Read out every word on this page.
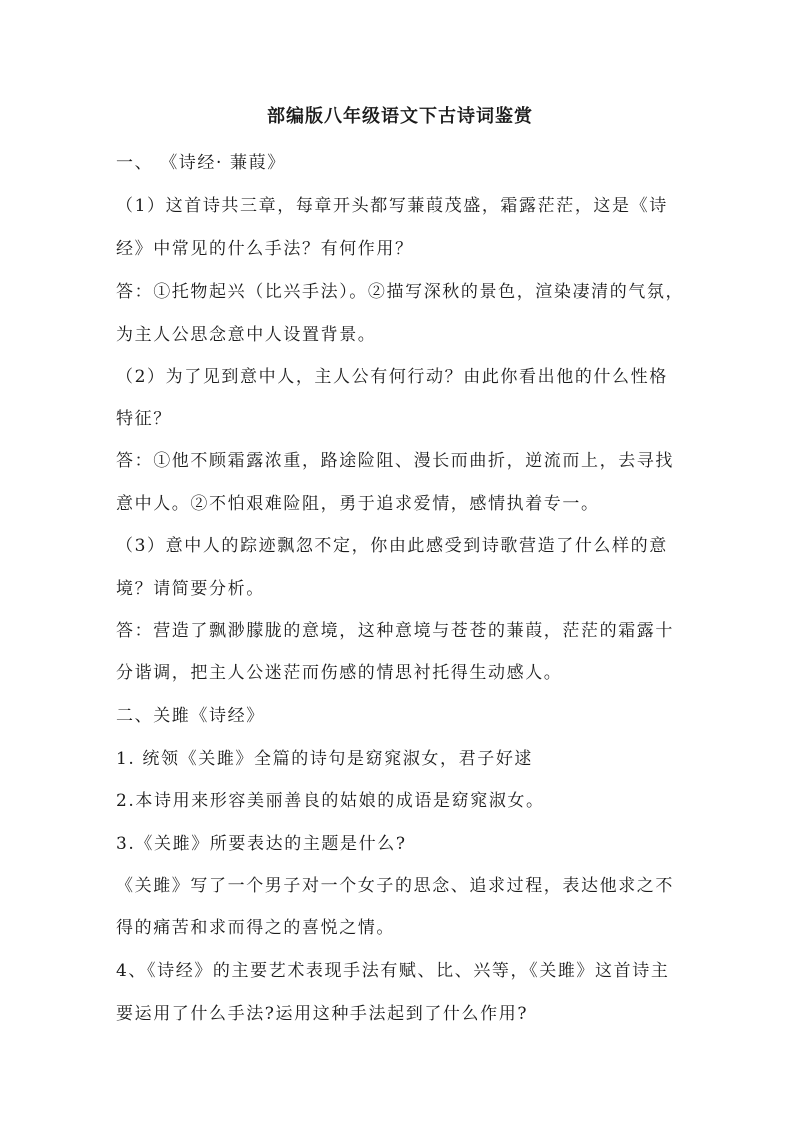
部编版八年级语文下古诗词鉴赏
一、 《诗经· 蒹葭》
（1）这首诗共三章，每章开头都写蒹葭茂盛，霜露茫茫，这是《诗
经》中常见的什么手法？有何作用？
答：①托物起兴（比兴手法）。②描写深秋的景色，渲染凄清的气氛，
为主人公思念意中人设置背景。
（2）为了见到意中人，主人公有何行动？由此你看出他的什么性格
特征？
答：①他不顾霜露浓重，路途险阻、漫长而曲折，逆流而上，去寻找
意中人。②不怕艰难险阻，勇于追求爱情，感情执着专一。
（3）意中人的踪迹飘忽不定，你由此感受到诗歌营造了什么样的意
境？请简要分析。
答：营造了飘渺朦胧的意境，这种意境与苍苍的蒹葭，茫茫的霜露十
分谐调，把主人公迷茫而伤感的情思衬托得生动感人。
二、关雎《诗经》
1. 统领《关雎》全篇的诗句是窈窕淑女，君子好逑
2.本诗用来形容美丽善良的姑娘的成语是窈窕淑女。
3.《关雎》所要表达的主题是什么?
《关雎》写了一个男子对一个女子的思念、追求过程，表达他求之不
得的痛苦和求而得之的喜悦之情。
4、《诗经》的主要艺术表现手法有赋、比、兴等，《关雎》这首诗主
要运用了什么手法?运用这种手法起到了什么作用?
